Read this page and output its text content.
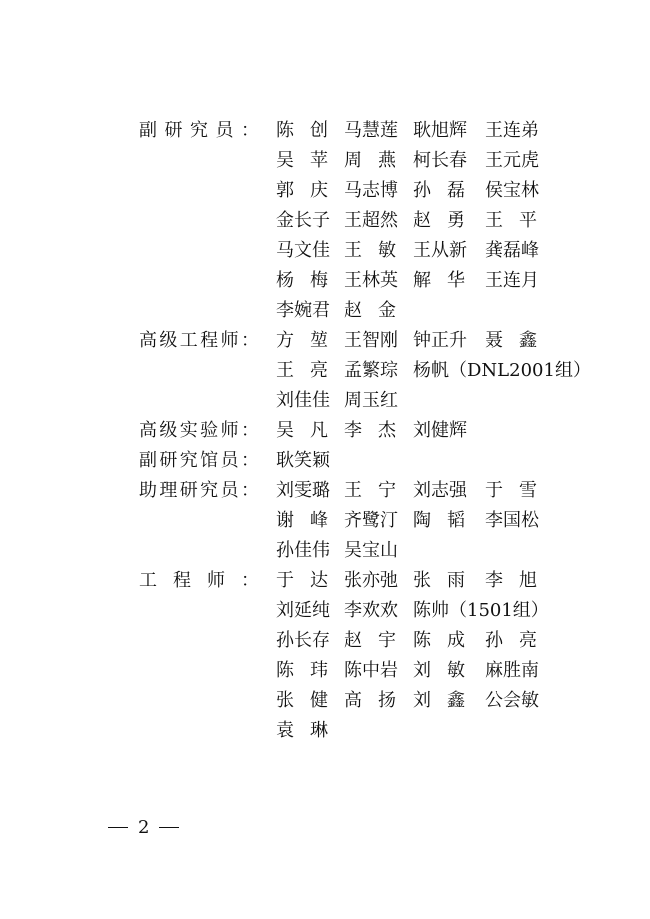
副 研 究 员 ： 陈 创 马 慧 莲 耿 旭 辉 王 连 弟
吴 苹 周 燕 柯 长 春 王 元 虎
郭 庆 马 志 博 孙 磊 侯 宝 林
金 长 子 王 超 然 赵 勇 王 平
马 文 佳 王 敏 王 从 新 龚 磊 峰
杨 梅 王 林 英 解 华 王 连 月
李 婉 君 赵 金
高 级 工 程 师 ： 方 堃 王 智 刚 钟 正 升 聂 鑫
王 亮 孟 繁 琮 杨帆（DNL2001组）
刘 佳 佳 周 玉 红
高 级 实 验 师 ： 吴 凡 李 杰 刘 健 辉
副 研 究 馆 员 ： 耿 笑 颖
助 理 研 究 员 ： 刘 雯 璐 王 宁 刘 志 强 于 雪
谢 峰 齐 鹭 汀 陶 韬 李 国 松
孙 佳 伟 吴 宝 山
工 程 师 ： 于 达 张 亦 弛 张 雨 李 旭
刘 延 纯 李 欢 欢 陈帅（1501组）
孙 长 存 赵 宇 陈 成 孙 亮
陈 玮 陈 中 岩 刘 敏 麻 胜 南
张 健 高 扬 刘 鑫 公 会 敏
袁 琳
2
